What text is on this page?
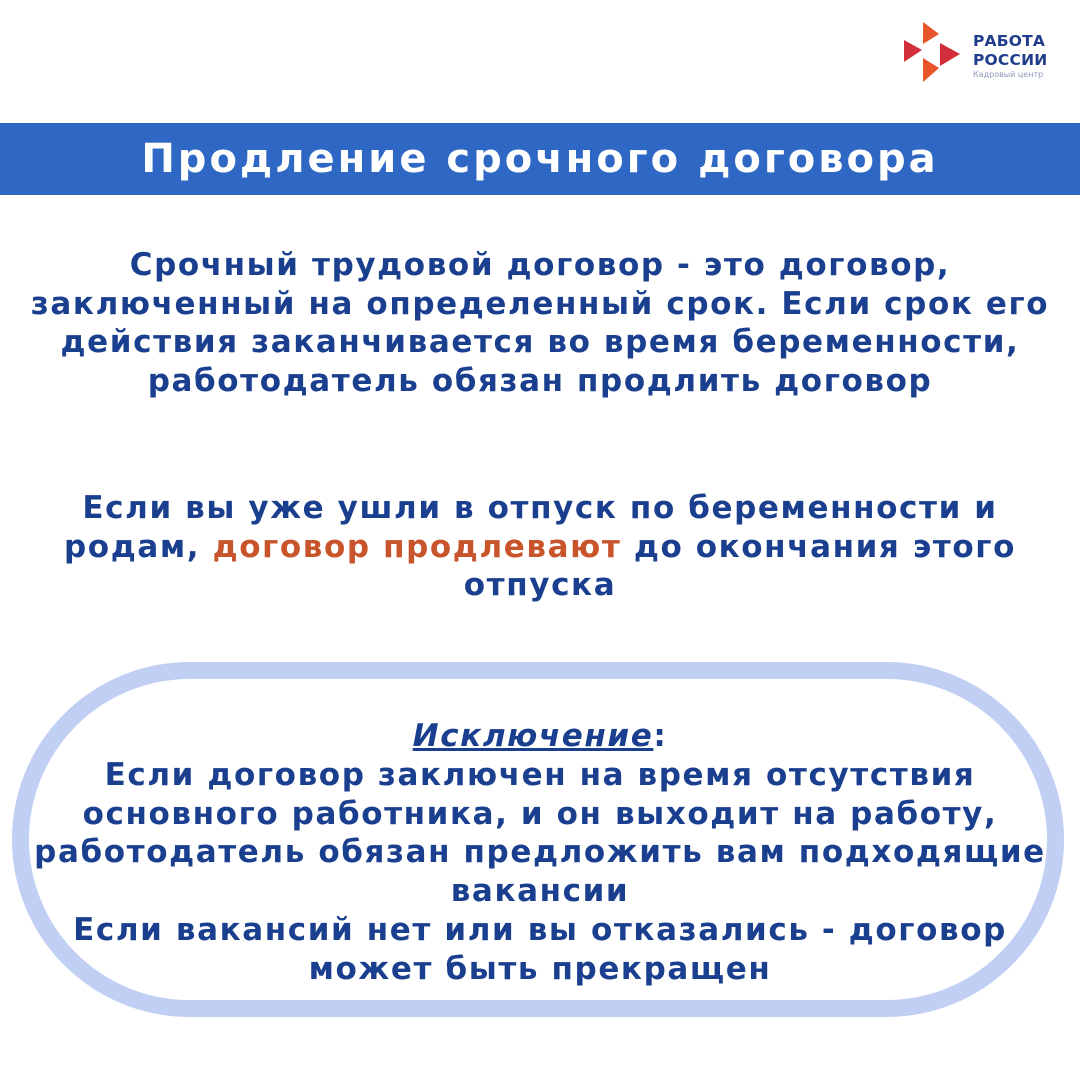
РАБОТА
РОССИИ
Кадровый центр
Продление срочного договора
Срочный трудовой договор - это договор, заключенный на определенный срок. Если срок его действия заканчивается во время беременности, работодатель обязан продлить договор
Если вы уже ушли в отпуск по беременности и родам, договор продлевают до окончания этого отпуска
Исключение:
Если договор заключен на время отсутствия основного работника, и он выходит на работу, работодатель обязан предложить вам подходящие вакансии
Если вакансий нет или вы отказались - договор может быть прекращен
